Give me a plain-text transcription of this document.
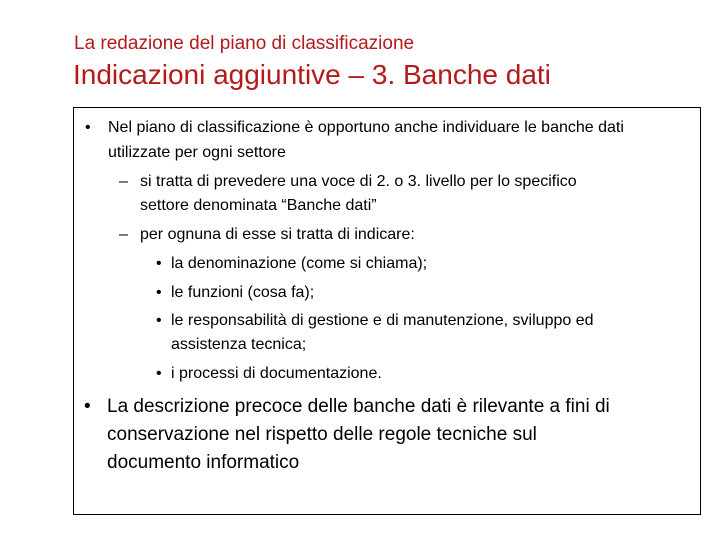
La redazione del piano di classificazione
Indicazioni aggiuntive – 3. Banche dati
• Nel piano di classificazione è opportuno anche individuare le banche dati
utilizzate per ogni settore
– si tratta di prevedere una voce di 2. o 3. livello per lo specifico
settore denominata “Banche dati”
– per ognuna di esse si tratta di indicare:
• la denominazione (come si chiama);
• le funzioni (cosa fa);
• le responsabilità di gestione e di manutenzione, sviluppo ed
assistenza tecnica;
• i processi di documentazione.
• La descrizione precoce delle banche dati è rilevante a fini di
conservazione nel rispetto delle regole tecniche sul
documento informatico
